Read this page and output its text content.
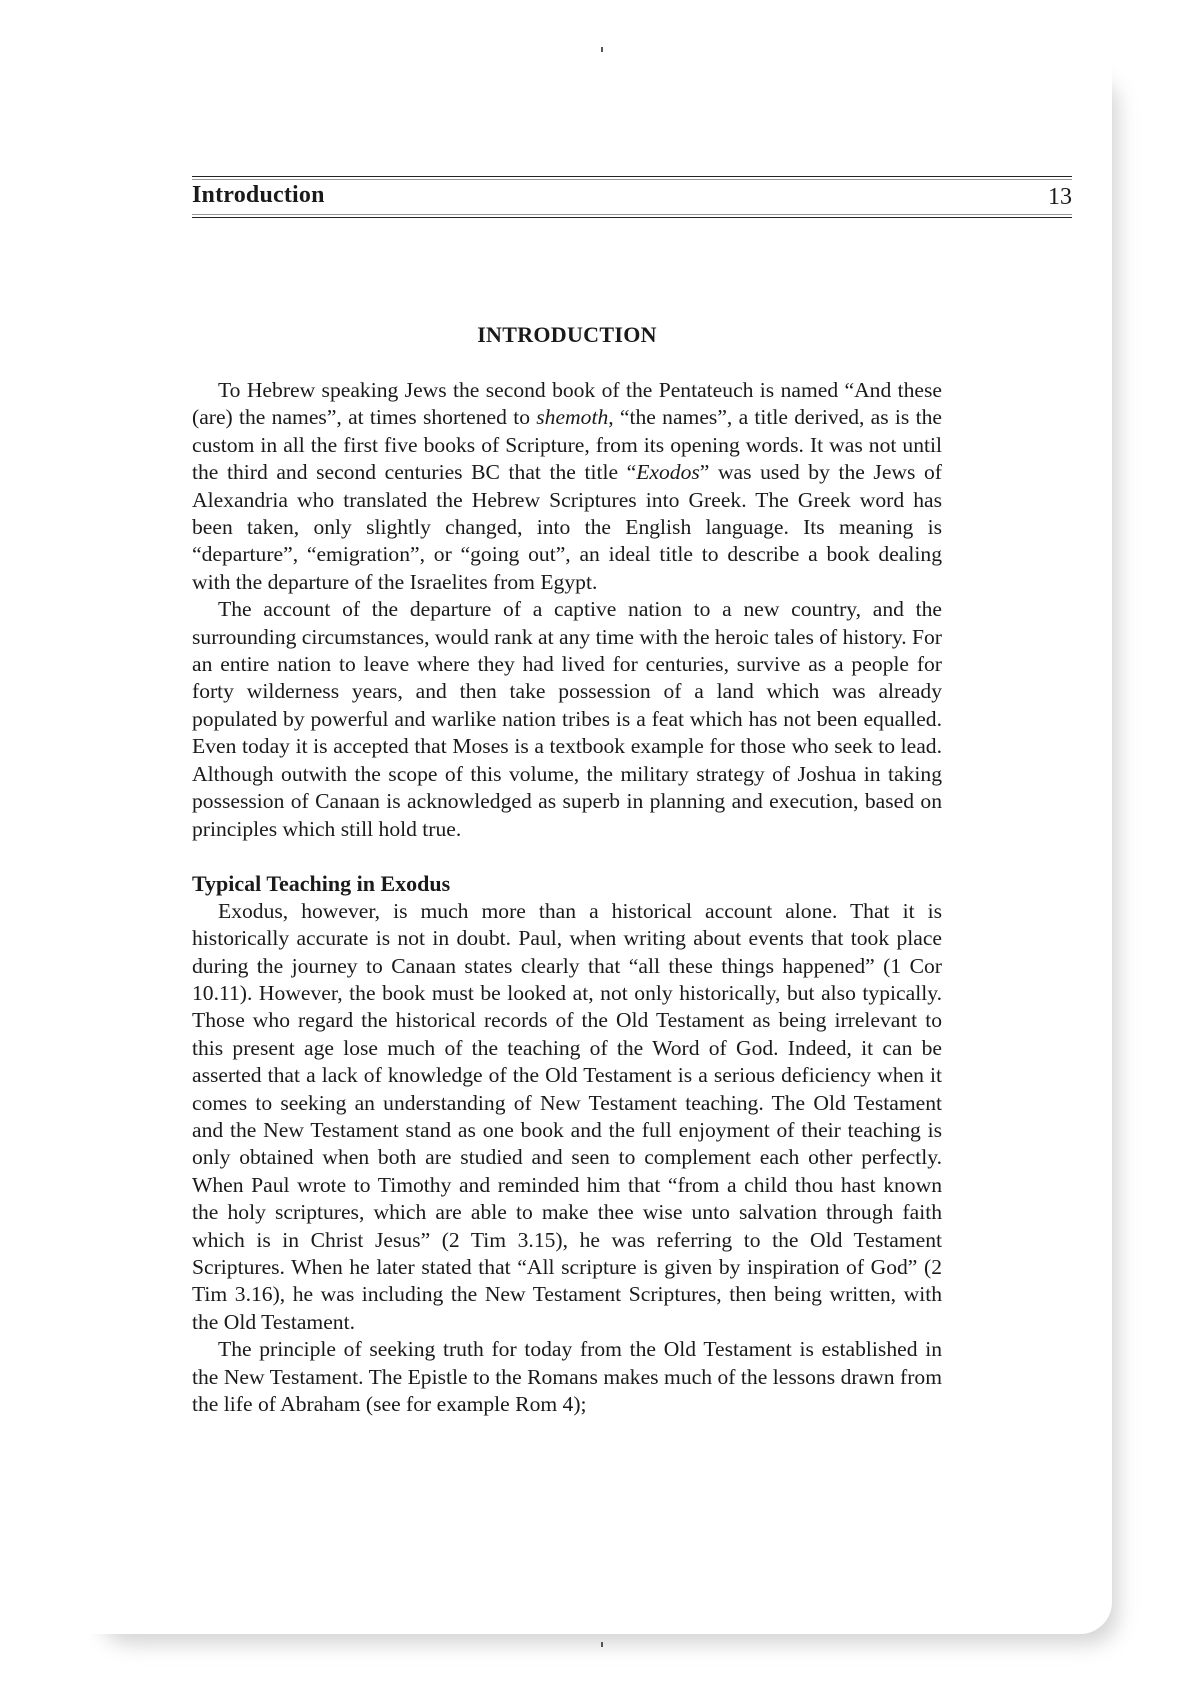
Introduction	13
INTRODUCTION

To Hebrew speaking Jews the second book of the Pentateuch is named “And these (are) the names”, at times shortened to shemoth, “the names”, a title derived, as is the custom in all the first five books of Scripture, from its opening words. It was not until the third and second centuries BC that the title “Exodos” was used by the Jews of Alexandria who translated the Hebrew Scriptures into Greek. The Greek word has been taken, only slightly changed, into the English language. Its meaning is “departure”, “emigration”, or “going out”, an ideal title to describe a book dealing with the departure of the Israelites from Egypt.

The account of the departure of a captive nation to a new country, and the surrounding circumstances, would rank at any time with the heroic tales of history. For an entire nation to leave where they had lived for centuries, survive as a people for forty wilderness years, and then take possession of a land which was already populated by powerful and warlike nation tribes is a feat which has not been equalled. Even today it is accepted that Moses is a textbook example for those who seek to lead. Although outwith the scope of this volume, the military strategy of Joshua in taking possession of Canaan is acknowledged as superb in planning and execution, based on principles which still hold true.

Typical Teaching in Exodus

Exodus, however, is much more than a historical account alone. That it is historically accurate is not in doubt. Paul, when writing about events that took place during the journey to Canaan states clearly that “all these things happened” (1 Cor 10.11). However, the book must be looked at, not only historically, but also typically. Those who regard the historical records of the Old Testament as being irrelevant to this present age lose much of the teaching of the Word of God. Indeed, it can be asserted that a lack of knowledge of the Old Testament is a serious deficiency when it comes to seeking an understanding of New Testament teaching. The Old Testament and the New Testament stand as one book and the full enjoyment of their teaching is only obtained when both are studied and seen to complement each other perfectly. When Paul wrote to Timothy and reminded him that “from a child thou hast known the holy scriptures, which are able to make thee wise unto salvation through faith which is in Christ Jesus” (2 Tim 3.15), he was referring to the Old Testament Scriptures. When he later stated that “All scripture is given by inspiration of God” (2 Tim 3.16), he was including the New Testament Scriptures, then being written, with the Old Testament.

The principle of seeking truth for today from the Old Testament is established in the New Testament. The Epistle to the Romans makes much of the lessons drawn from the life of Abraham (see for example Rom 4);
